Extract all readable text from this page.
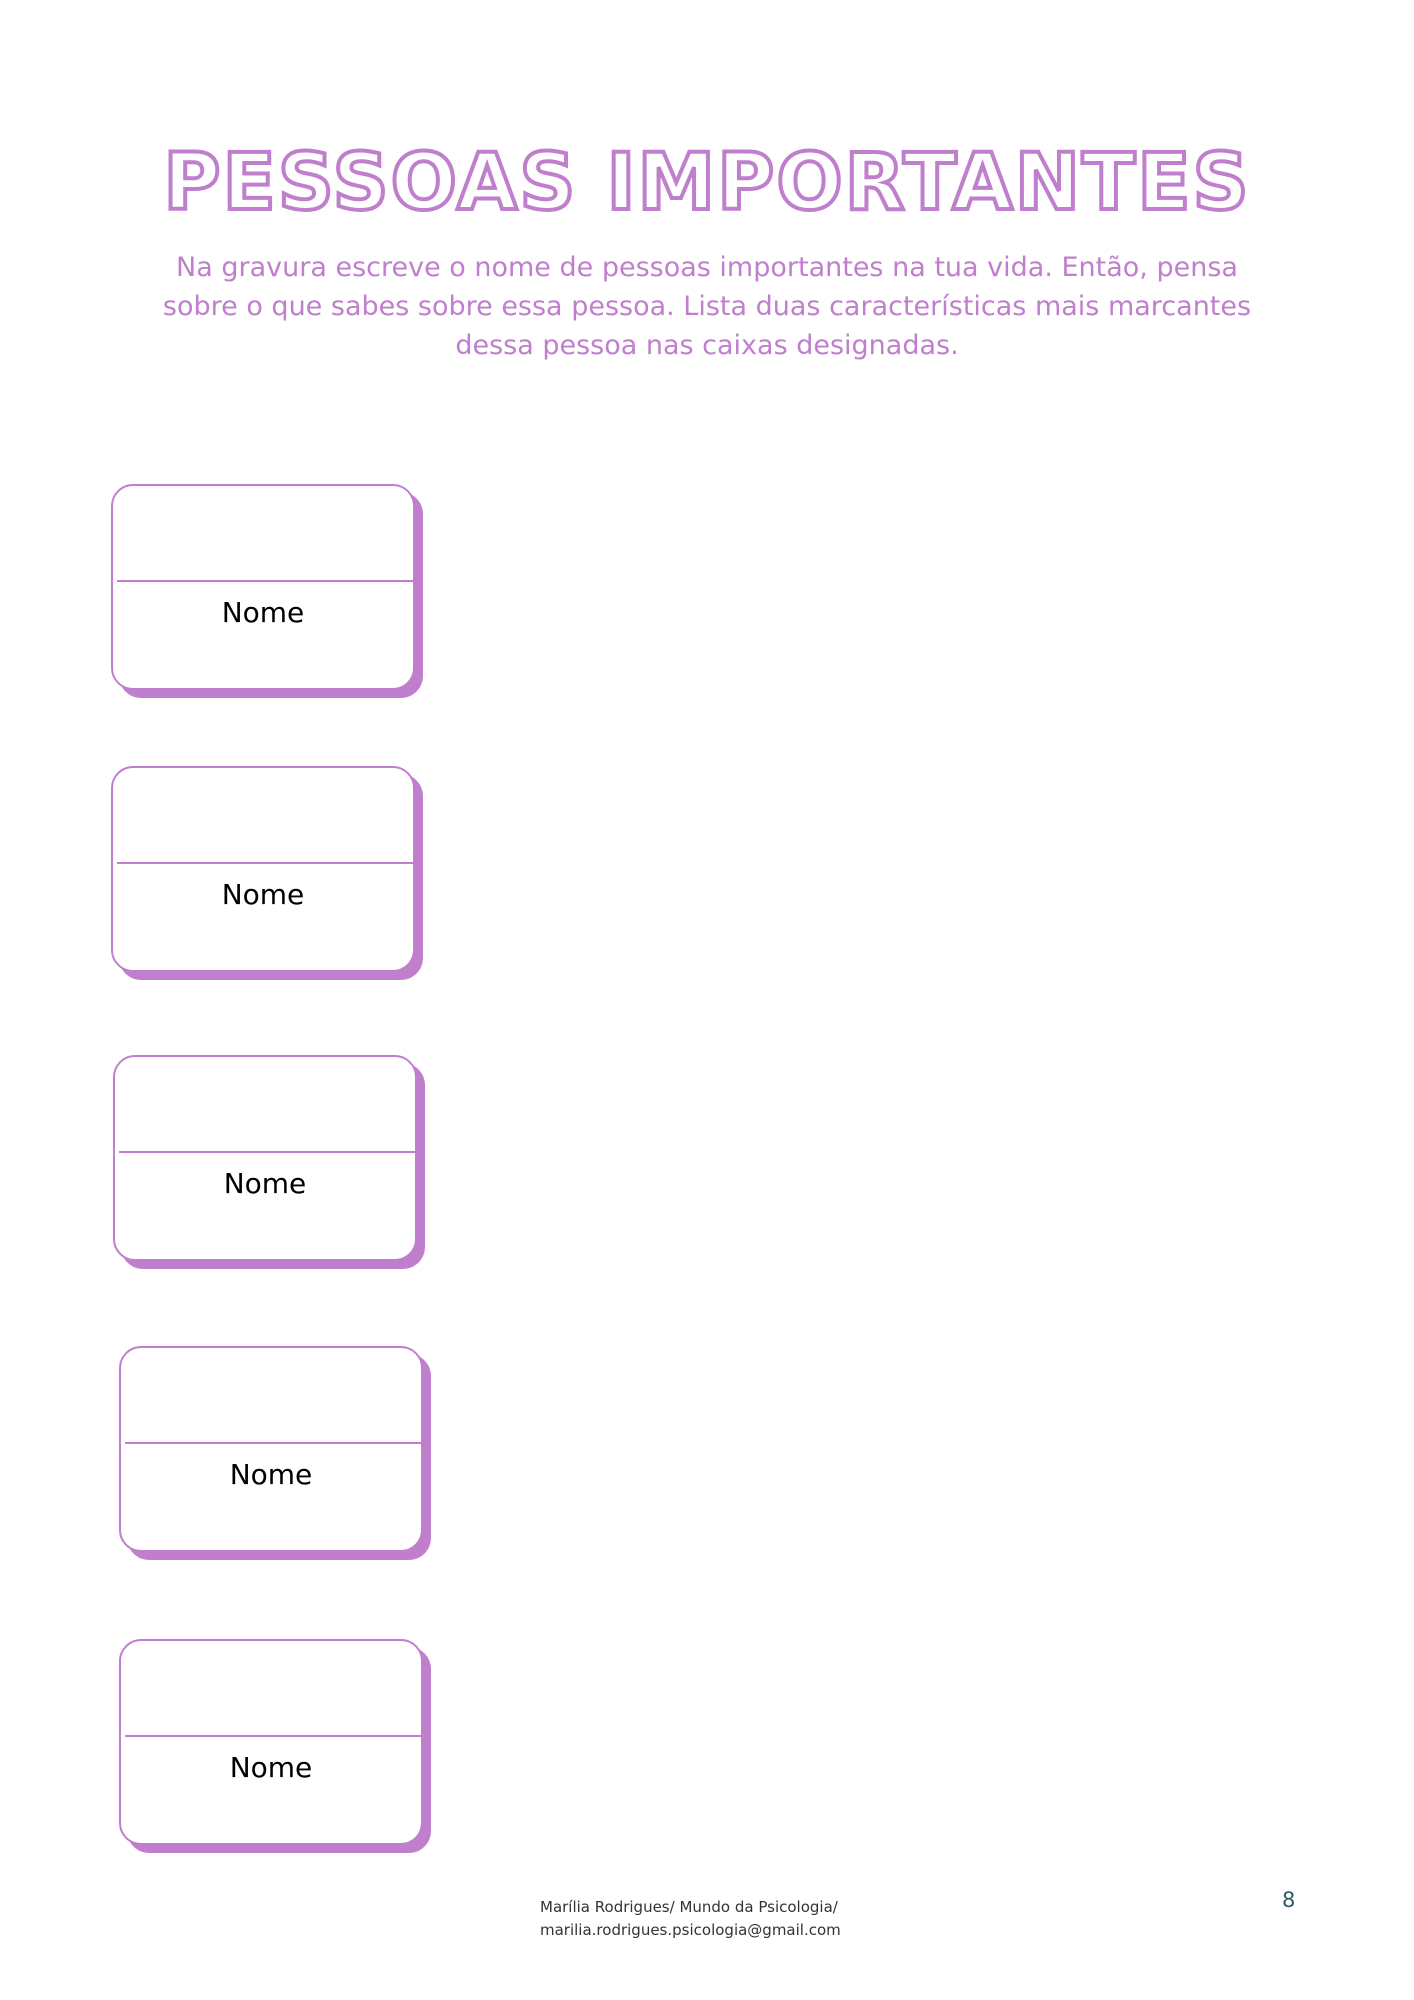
PESSOAS IMPORTANTES

Na gravura escreve o nome de pessoas importantes na tua vida. Então, pensa sobre o que sabes sobre essa pessoa. Lista duas características mais marcantes dessa pessoa nas caixas designadas.

Nome
Nome
Nome
Nome
Nome
Marília Rodrigues/ Mundo da Psicologia/
marilia.rodrigues.psicologia@gmail.com
8
